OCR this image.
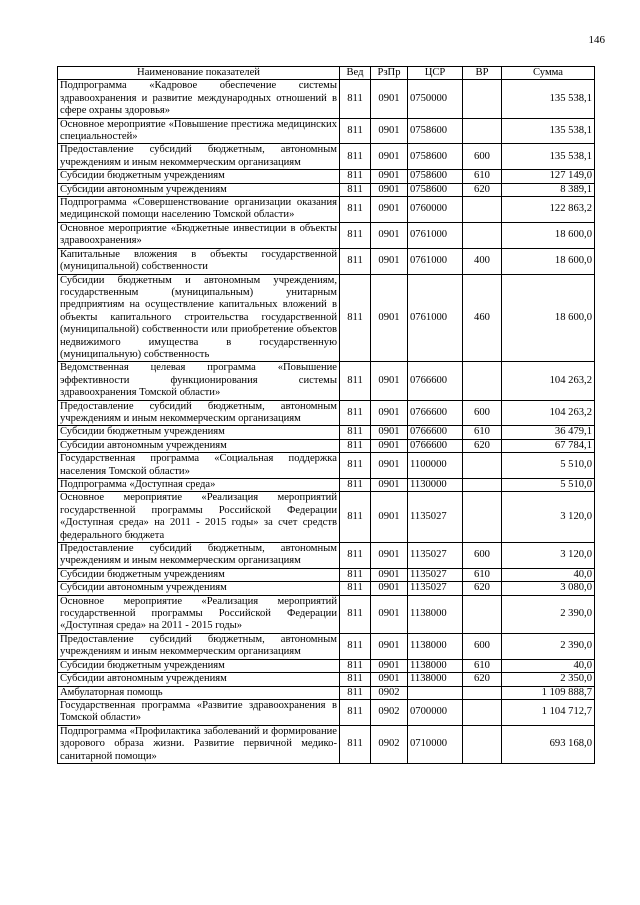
146
Наименование показателей	Вед	РзПр	ЦСР	ВР	Сумма
Подпрограмма «Кадровое обеспечение системы здравоохранения и развитие международных отношений в сфере охраны здоровья»	811	0901	0750000		135 538,1
Основное мероприятие «Повышение престижа медицинских специальностей»	811	0901	0758600		135 538,1
Предоставление субсидий бюджетным, автономным учреждениям и иным некоммерческим организациям	811	0901	0758600	600	135 538,1
Субсидии бюджетным учреждениям	811	0901	0758600	610	127 149,0
Субсидии автономным учреждениям	811	0901	0758600	620	8 389,1
Подпрограмма «Совершенствование организации оказания медицинской помощи населению Томской области»	811	0901	0760000		122 863,2
Основное мероприятие «Бюджетные инвестиции в объекты здравоохранения»	811	0901	0761000		18 600,0
Капитальные вложения в объекты государственной (муниципальной) собственности	811	0901	0761000	400	18 600,0
Субсидии бюджетным и автономным учреждениям, государственным (муниципальным) унитарным предприятиям на осуществление капитальных вложений в объекты капитального строительства государственной (муниципальной) собственности или приобретение объектов недвижимого имущества в государственную (муниципальную) собственность	811	0901	0761000	460	18 600,0
Ведомственная целевая программа «Повышение эффективности функционирования системы здравоохранения Томской области»	811	0901	0766600		104 263,2
Предоставление субсидий бюджетным, автономным учреждениям и иным некоммерческим организациям	811	0901	0766600	600	104 263,2
Субсидии бюджетным учреждениям	811	0901	0766600	610	36 479,1
Субсидии автономным учреждениям	811	0901	0766600	620	67 784,1
Государственная программа «Социальная поддержка населения Томской области»	811	0901	1100000		5 510,0
Подпрограмма «Доступная среда»	811	0901	1130000		5 510,0
Основное мероприятие «Реализация мероприятий государственной программы Российской Федерации «Доступная среда» на 2011 - 2015 годы» за счет средств федерального бюджета	811	0901	1135027		3 120,0
Предоставление субсидий бюджетным, автономным учреждениям и иным некоммерческим организациям	811	0901	1135027	600	3 120,0
Субсидии бюджетным учреждениям	811	0901	1135027	610	40,0
Субсидии автономным учреждениям	811	0901	1135027	620	3 080,0
Основное мероприятие «Реализация мероприятий государственной программы Российской Федерации «Доступная среда» на 2011 - 2015 годы»	811	0901	1138000		2 390,0
Предоставление субсидий бюджетным, автономным учреждениям и иным некоммерческим организациям	811	0901	1138000	600	2 390,0
Субсидии бюджетным учреждениям	811	0901	1138000	610	40,0
Субсидии автономным учреждениям	811	0901	1138000	620	2 350,0
Амбулаторная помощь	811	0902			1 109 888,7
Государственная программа «Развитие здравоохранения в Томской области»	811	0902	0700000		1 104 712,7
Подпрограмма «Профилактика заболеваний и формирование здорового образа жизни. Развитие первичной медико-санитарной помощи»	811	0902	0710000		693 168,0
